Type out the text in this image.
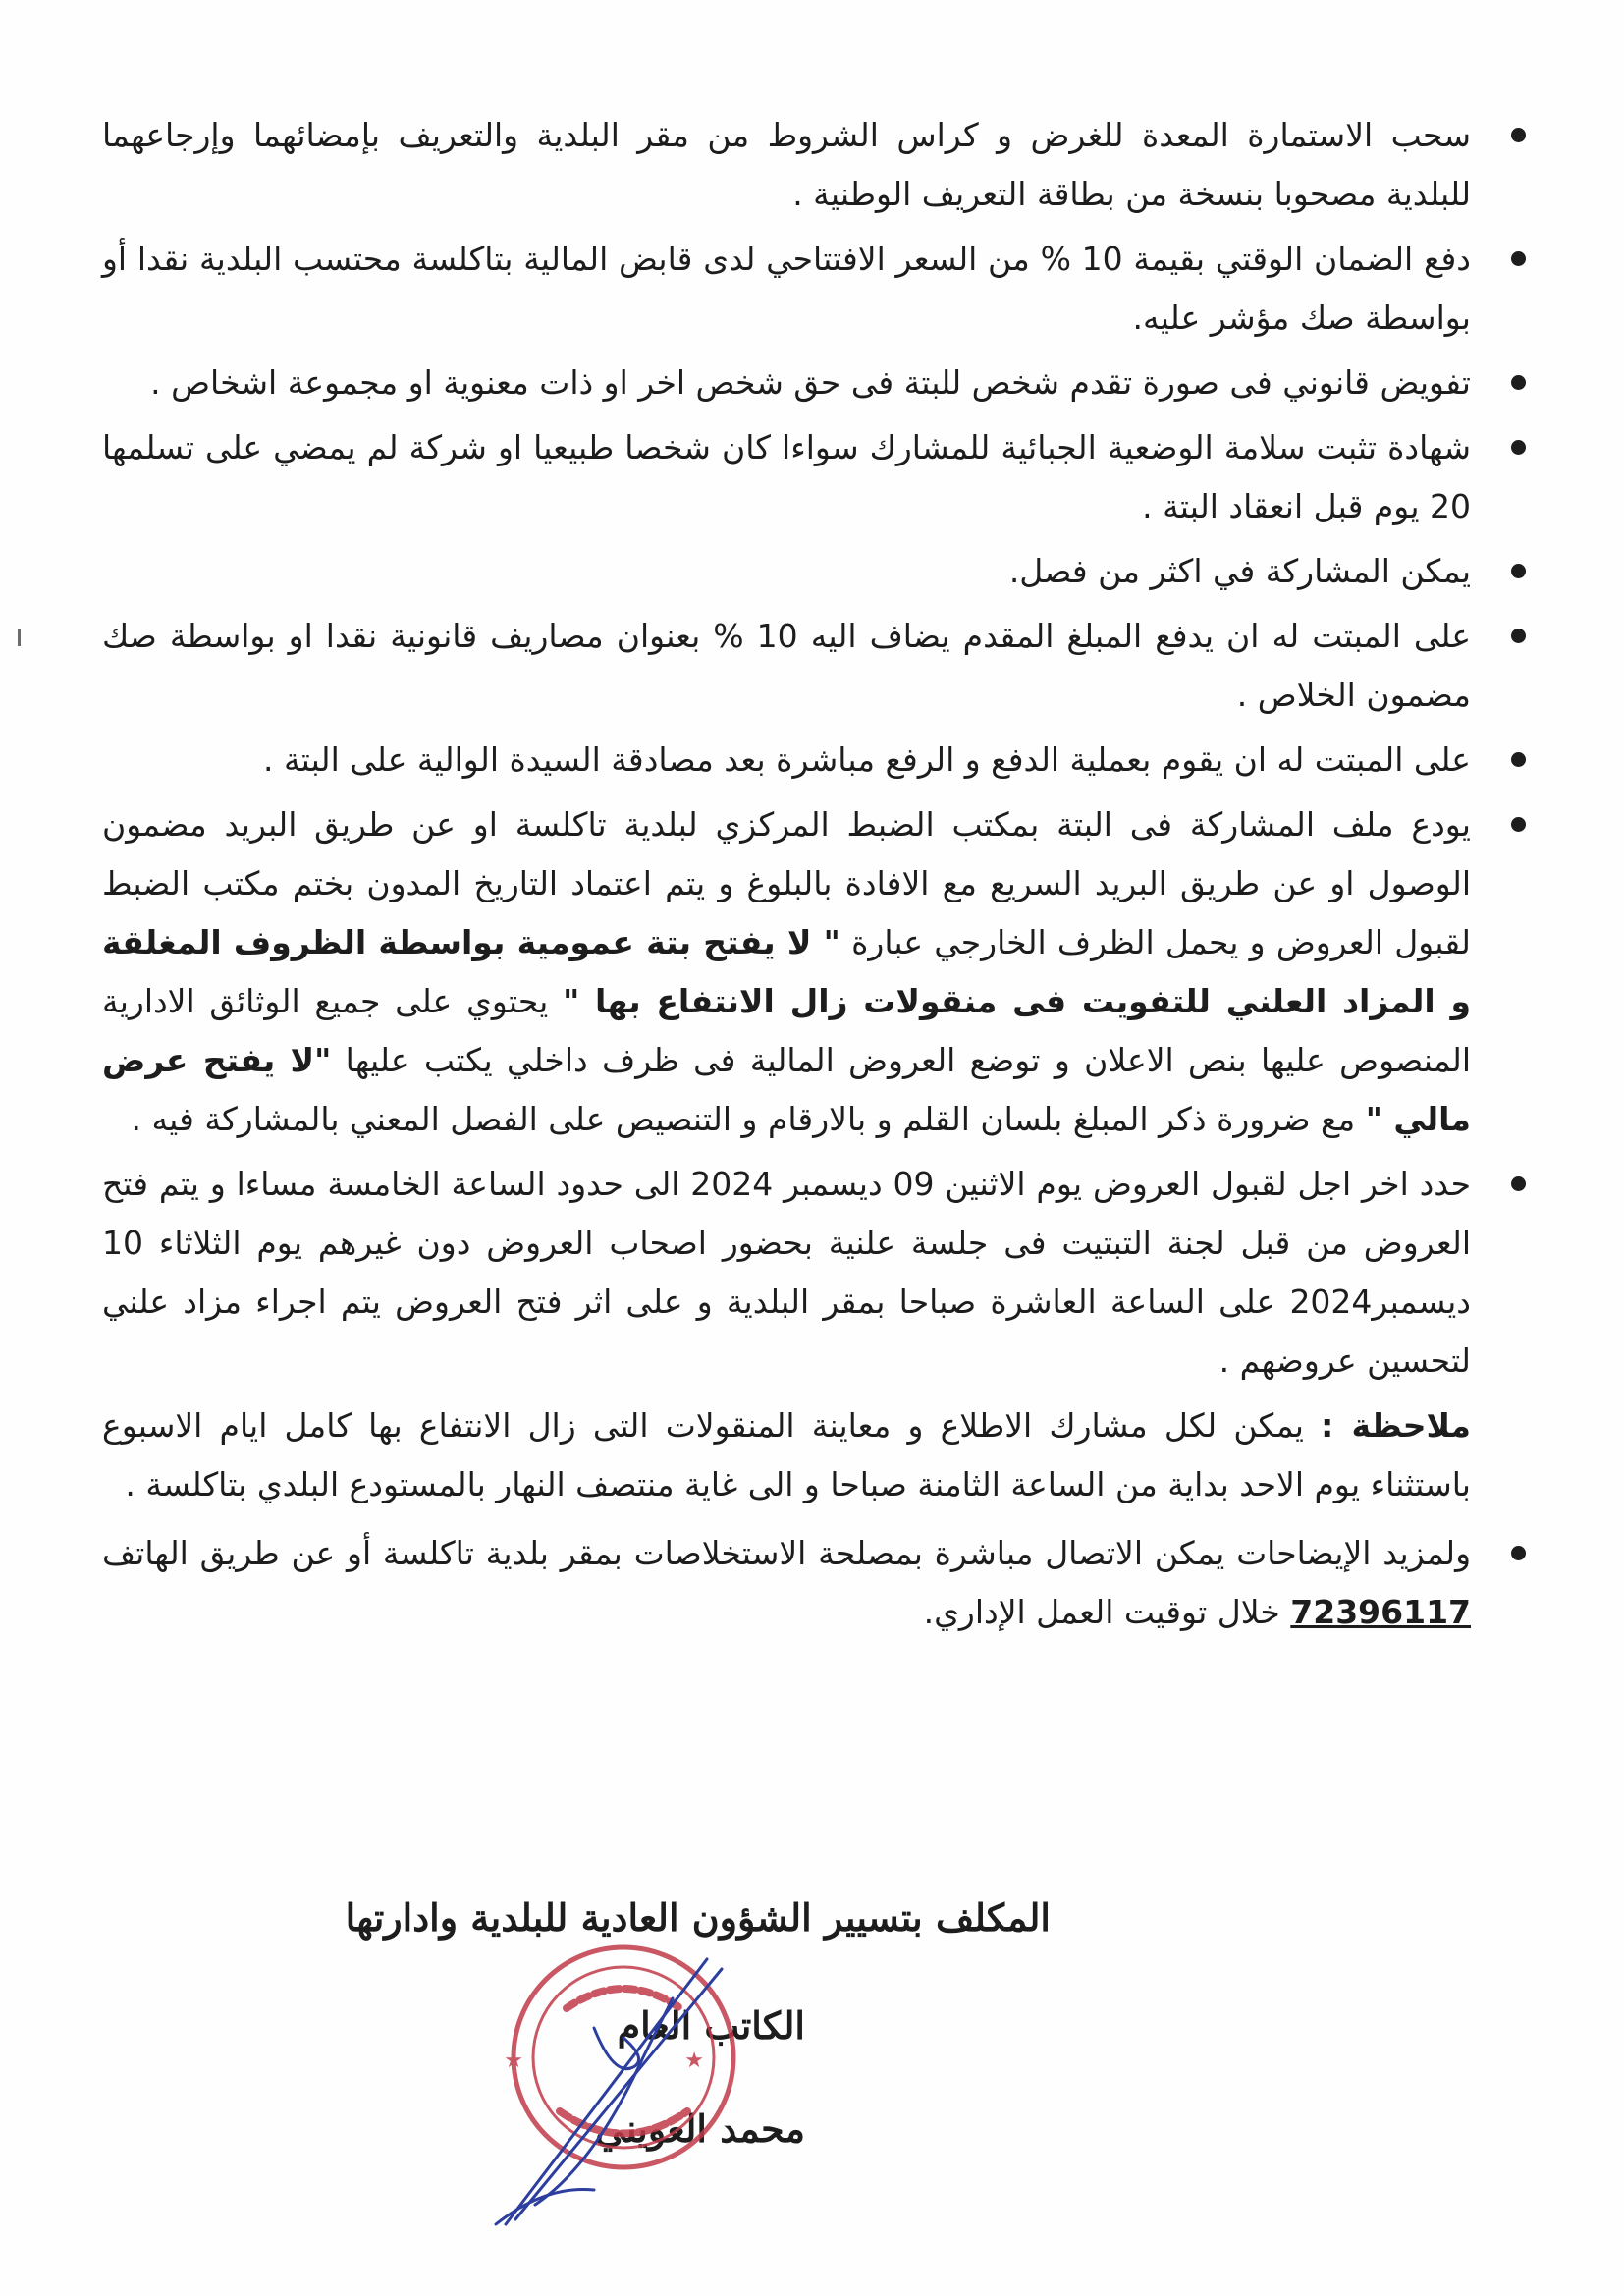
سحب الاستمارة المعدة للغرض و كراس الشروط من مقر البلدية والتعريف بإمضائهما وإرجاعهما للبلدية مصحوبا بنسخة من بطاقة التعريف الوطنية .

دفع الضمان الوقتي بقيمة 10 % من السعر الافتتاحي لدى قابض المالية بتاكلسة محتسب البلدية نقدا أو بواسطة صك مؤشر عليه.

تفويض قانوني فى صورة تقدم شخص للبتة فى حق شخص اخر او ذات معنوية او مجموعة اشخاص .

شهادة تثبت سلامة الوضعية الجبائية للمشارك سواءا كان شخصا طبيعيا او شركة لم يمضي على تسلمها 20 يوم قبل انعقاد البتة .

يمكن المشاركة في اكثر من فصل.

على المبتت له ان يدفع المبلغ المقدم يضاف اليه 10 % بعنوان مصاريف قانونية نقدا او بواسطة صك مضمون الخلاص .

على المبتت له ان يقوم بعملية الدفع و الرفع مباشرة بعد مصادقة السيدة الوالية على البتة .

يودع ملف المشاركة فى البتة بمكتب الضبط المركزي لبلدية تاكلسة او عن طريق البريد مضمون الوصول او عن طريق البريد السريع مع الافادة بالبلوغ و يتم اعتماد التاريخ المدون بختم مكتب الضبط لقبول العروض و يحمل الظرف الخارجي عبارة " لا يفتح بتة عمومية بواسطة الظروف المغلقة و المزاد العلني للتفويت فى منقولات زال الانتفاع بها " يحتوي على جميع الوثائق الادارية المنصوص عليها بنص الاعلان و توضع العروض المالية فى ظرف داخلي يكتب عليها "لا يفتح عرض مالي " مع ضرورة ذكر المبلغ بلسان القلم و بالارقام و التنصيص على الفصل المعني بالمشاركة فيه .

حدد اخر اجل لقبول العروض يوم الاثنين 09 ديسمبر 2024 الى حدود الساعة الخامسة مساءا و يتم فتح العروض من قبل لجنة التبتيت فى جلسة علنية بحضور اصحاب العروض دون غيرهم يوم الثلاثاء 10 ديسمبر2024 على الساعة العاشرة صباحا بمقر البلدية و على اثر فتح العروض يتم اجراء مزاد علني لتحسين عروضهم .

ملاحظة : يمكن لكل مشارك الاطلاع و معاينة المنقولات التى زال الانتفاع بها كامل ايام الاسبوع باستثناء يوم الاحد بداية من الساعة الثامنة صباحا و الى غاية منتصف النهار بالمستودع البلدي بتاكلسة .

ولمزيد الإيضاحات يمكن الاتصال مباشرة بمصلحة الاستخلاصات بمقر بلدية تاكلسة أو عن طريق الهاتف 72396117 خلال توقيت العمل الإداري.

المكلف بتسيير الشؤون العادية للبلدية وادارتها

الكاتب العام

محمد العويني

★	★
